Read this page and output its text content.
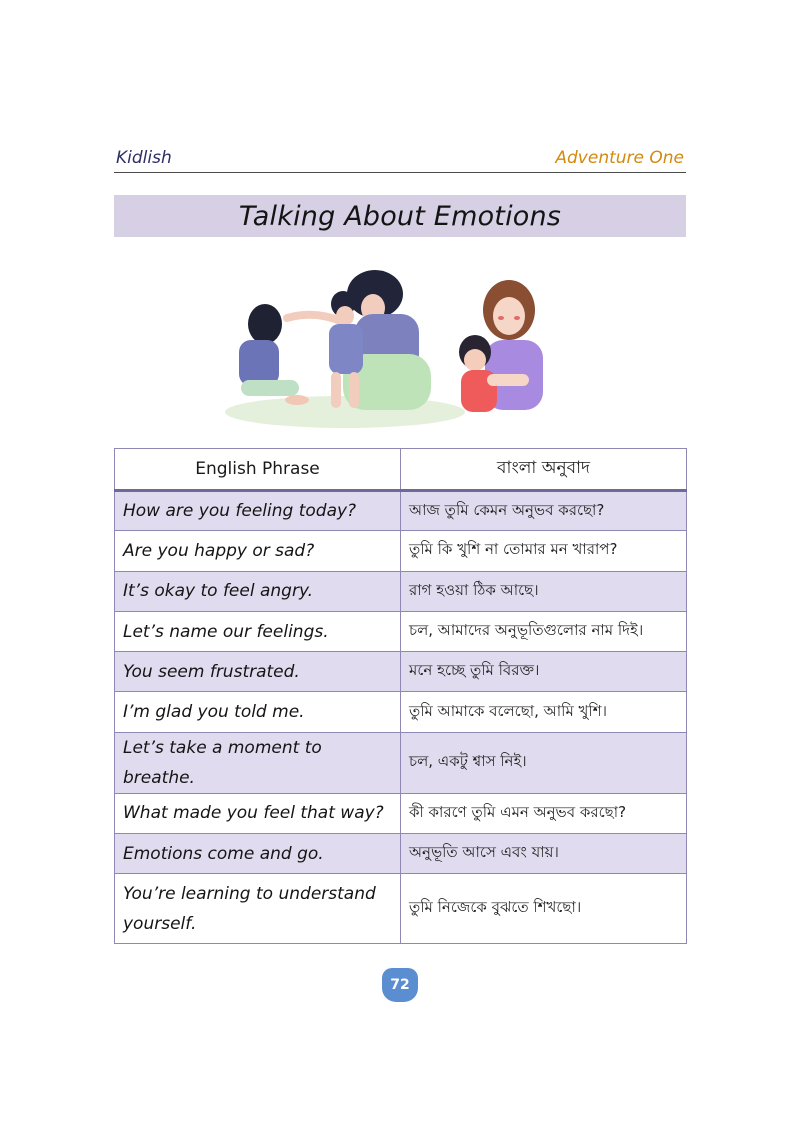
Kidlish	Adventure One
Talking About Emotions
English Phrase	বাংলা অনুবাদ
How are you feeling today?	আজ তুমি কেমন অনুভব করছো?
Are you happy or sad?	তুমি কি খুশি না তোমার মন খারাপ?
It’s okay to feel angry.	রাগ হওয়া ঠিক আছে।
Let’s name our feelings.	চল, আমাদের অনুভূতিগুলোর নাম দিই।
You seem frustrated.	মনে হচ্ছে তুমি বিরক্ত।
I’m glad you told me.	তুমি আমাকে বলেছো, আমি খুশি।
Let’s take a moment to breathe.	চল, একটু শ্বাস নিই।
What made you feel that way?	কী কারণে তুমি এমন অনুভব করছো?
Emotions come and go.	অনুভূতি আসে এবং যায়।
You’re learning to understand yourself.	তুমি নিজেকে বুঝতে শিখছো।
72
